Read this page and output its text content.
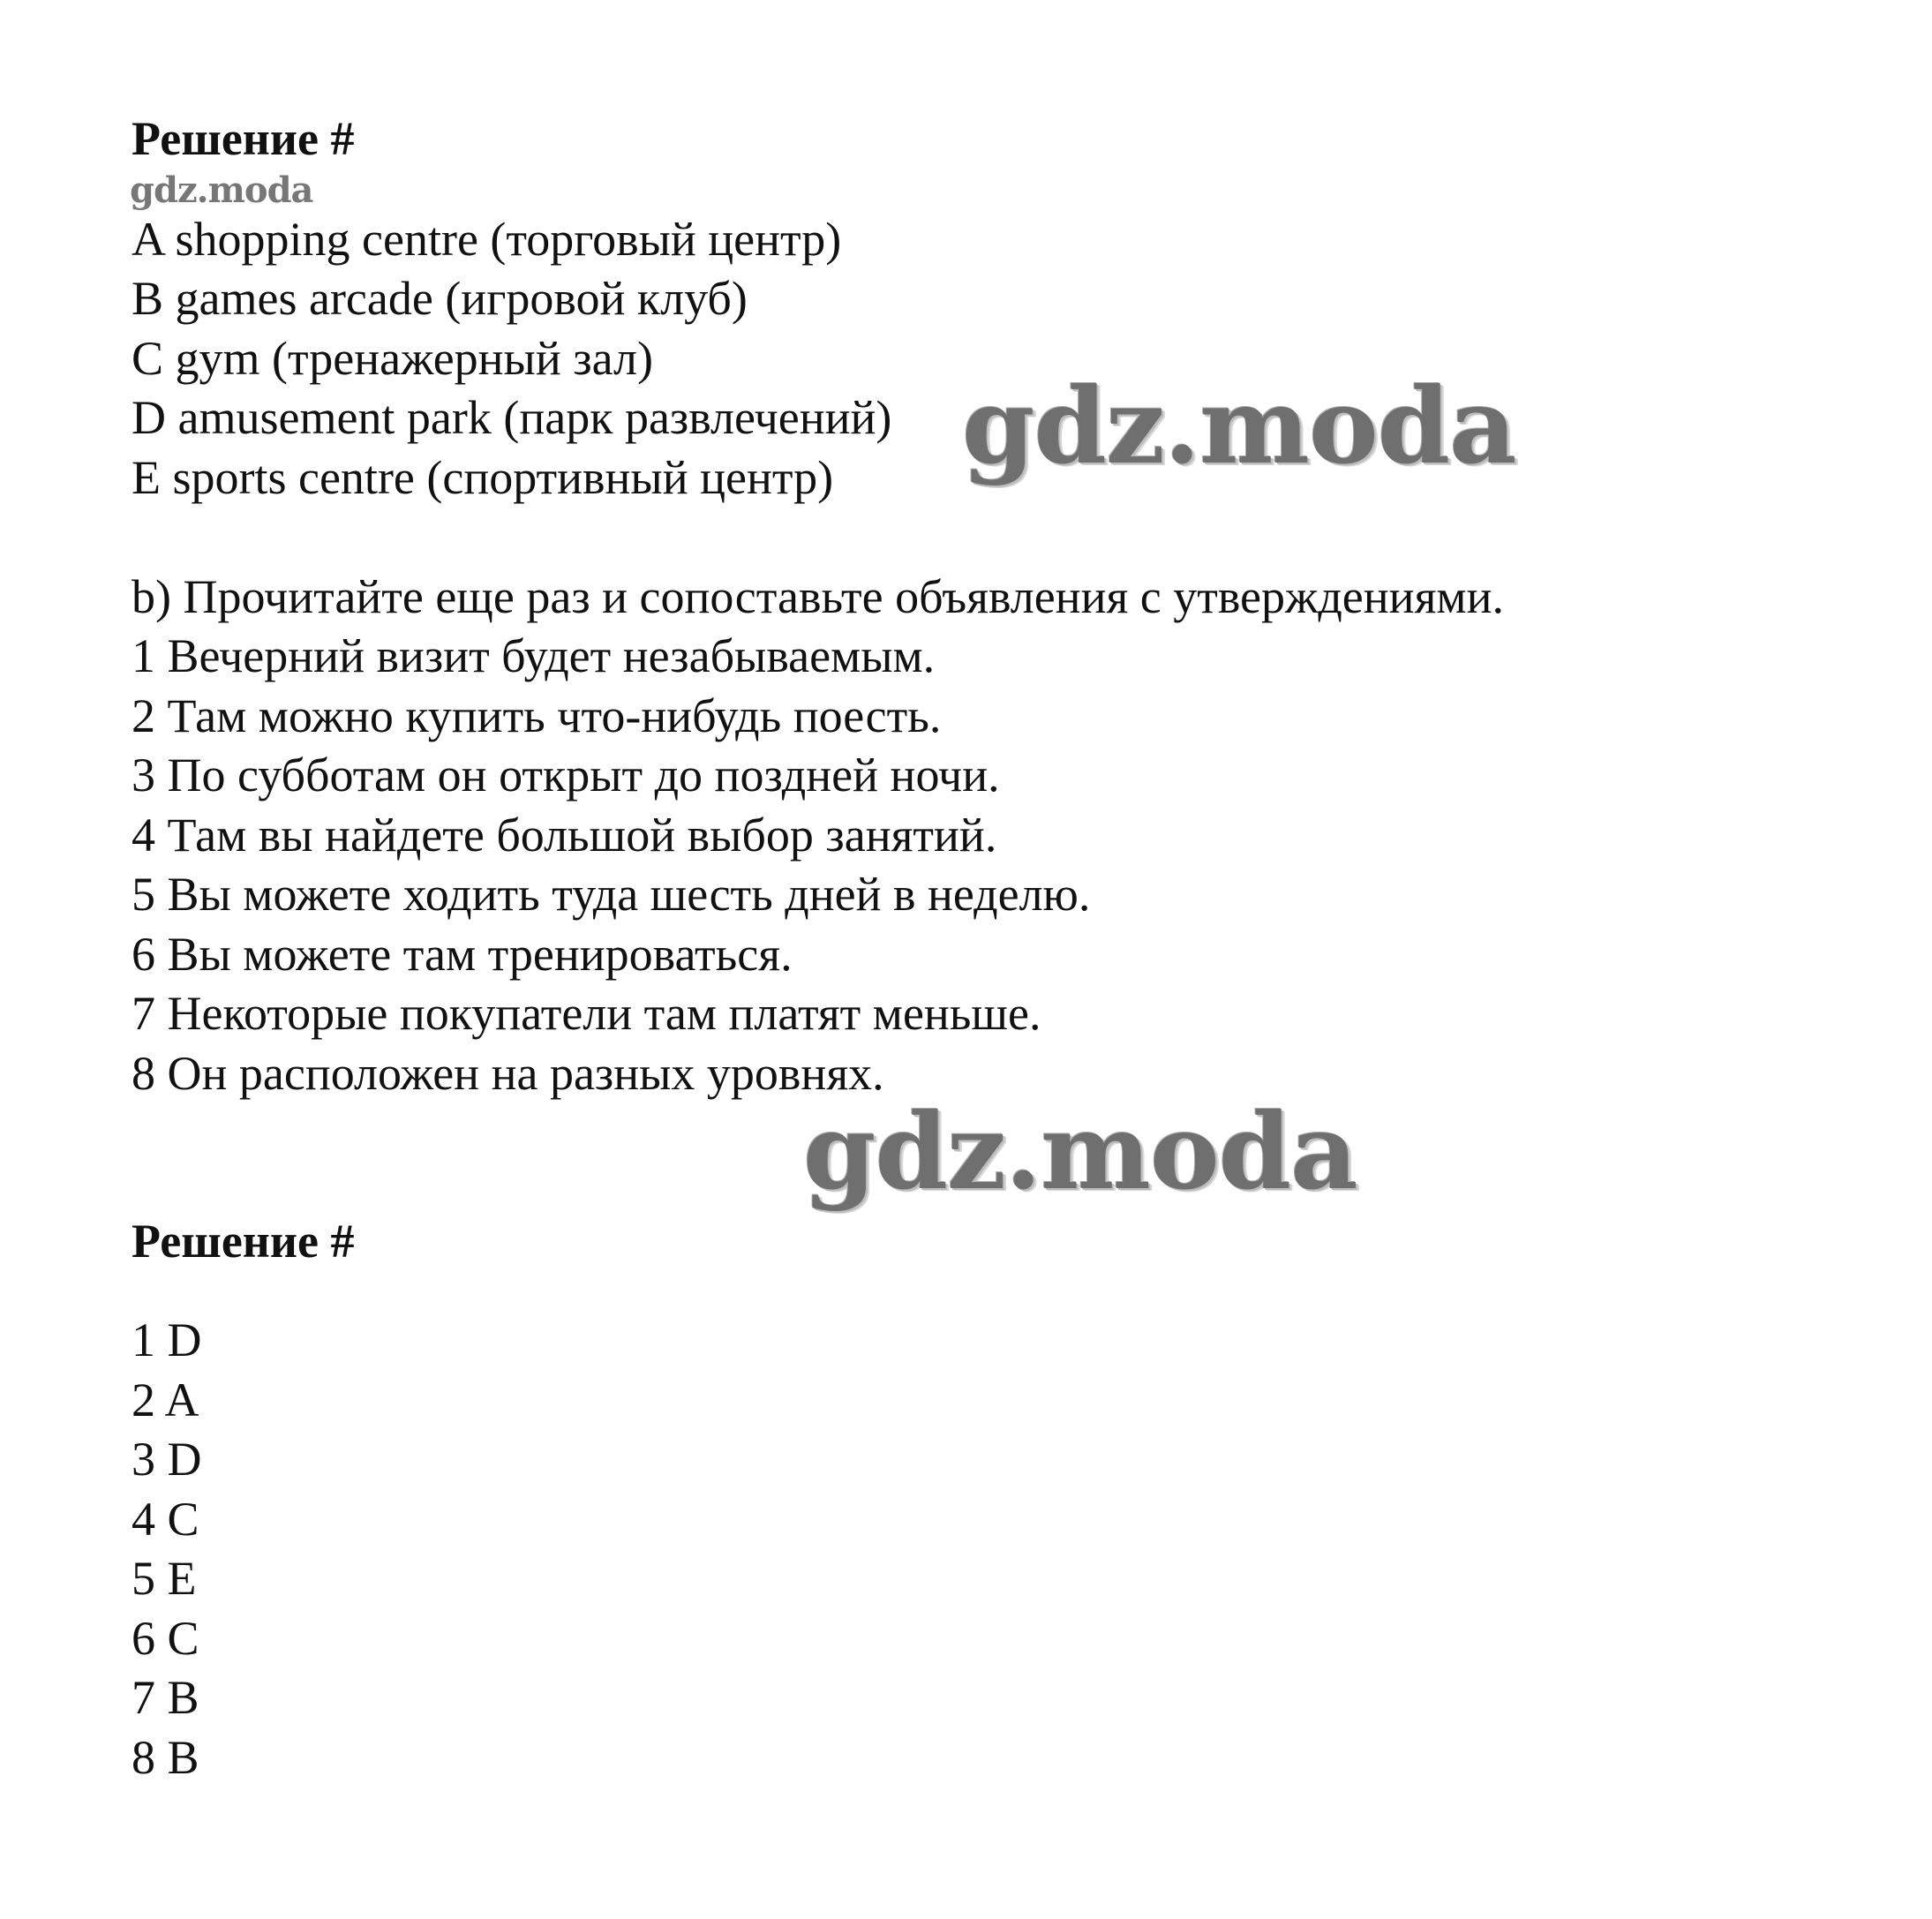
Решение #
gdz.moda
A shopping centre (торговый центр)
B games arcade (игровой клуб)
C gym (тренажерный зал)
D amusement park (парк развлечений)
E sports centre (спортивный центр) gdz.moda
b) Прочитайте еще раз и сопоставьте объявления с утверждениями.
1 Вечерний визит будет незабываемым.
2 Там можно купить что-нибудь поесть.
3 По субботам он открыт до поздней ночи.
4 Там вы найдете большой выбор занятий.
5 Вы можете ходить туда шесть дней в неделю.
6 Вы можете там тренироваться.
7 Некоторые покупатели там платят меньше.
8 Он расположен на разных уровнях.
gdz.moda
Решение #
1 D
2 A
3 D
4 C
5 E
6 C
7 B
8 B
